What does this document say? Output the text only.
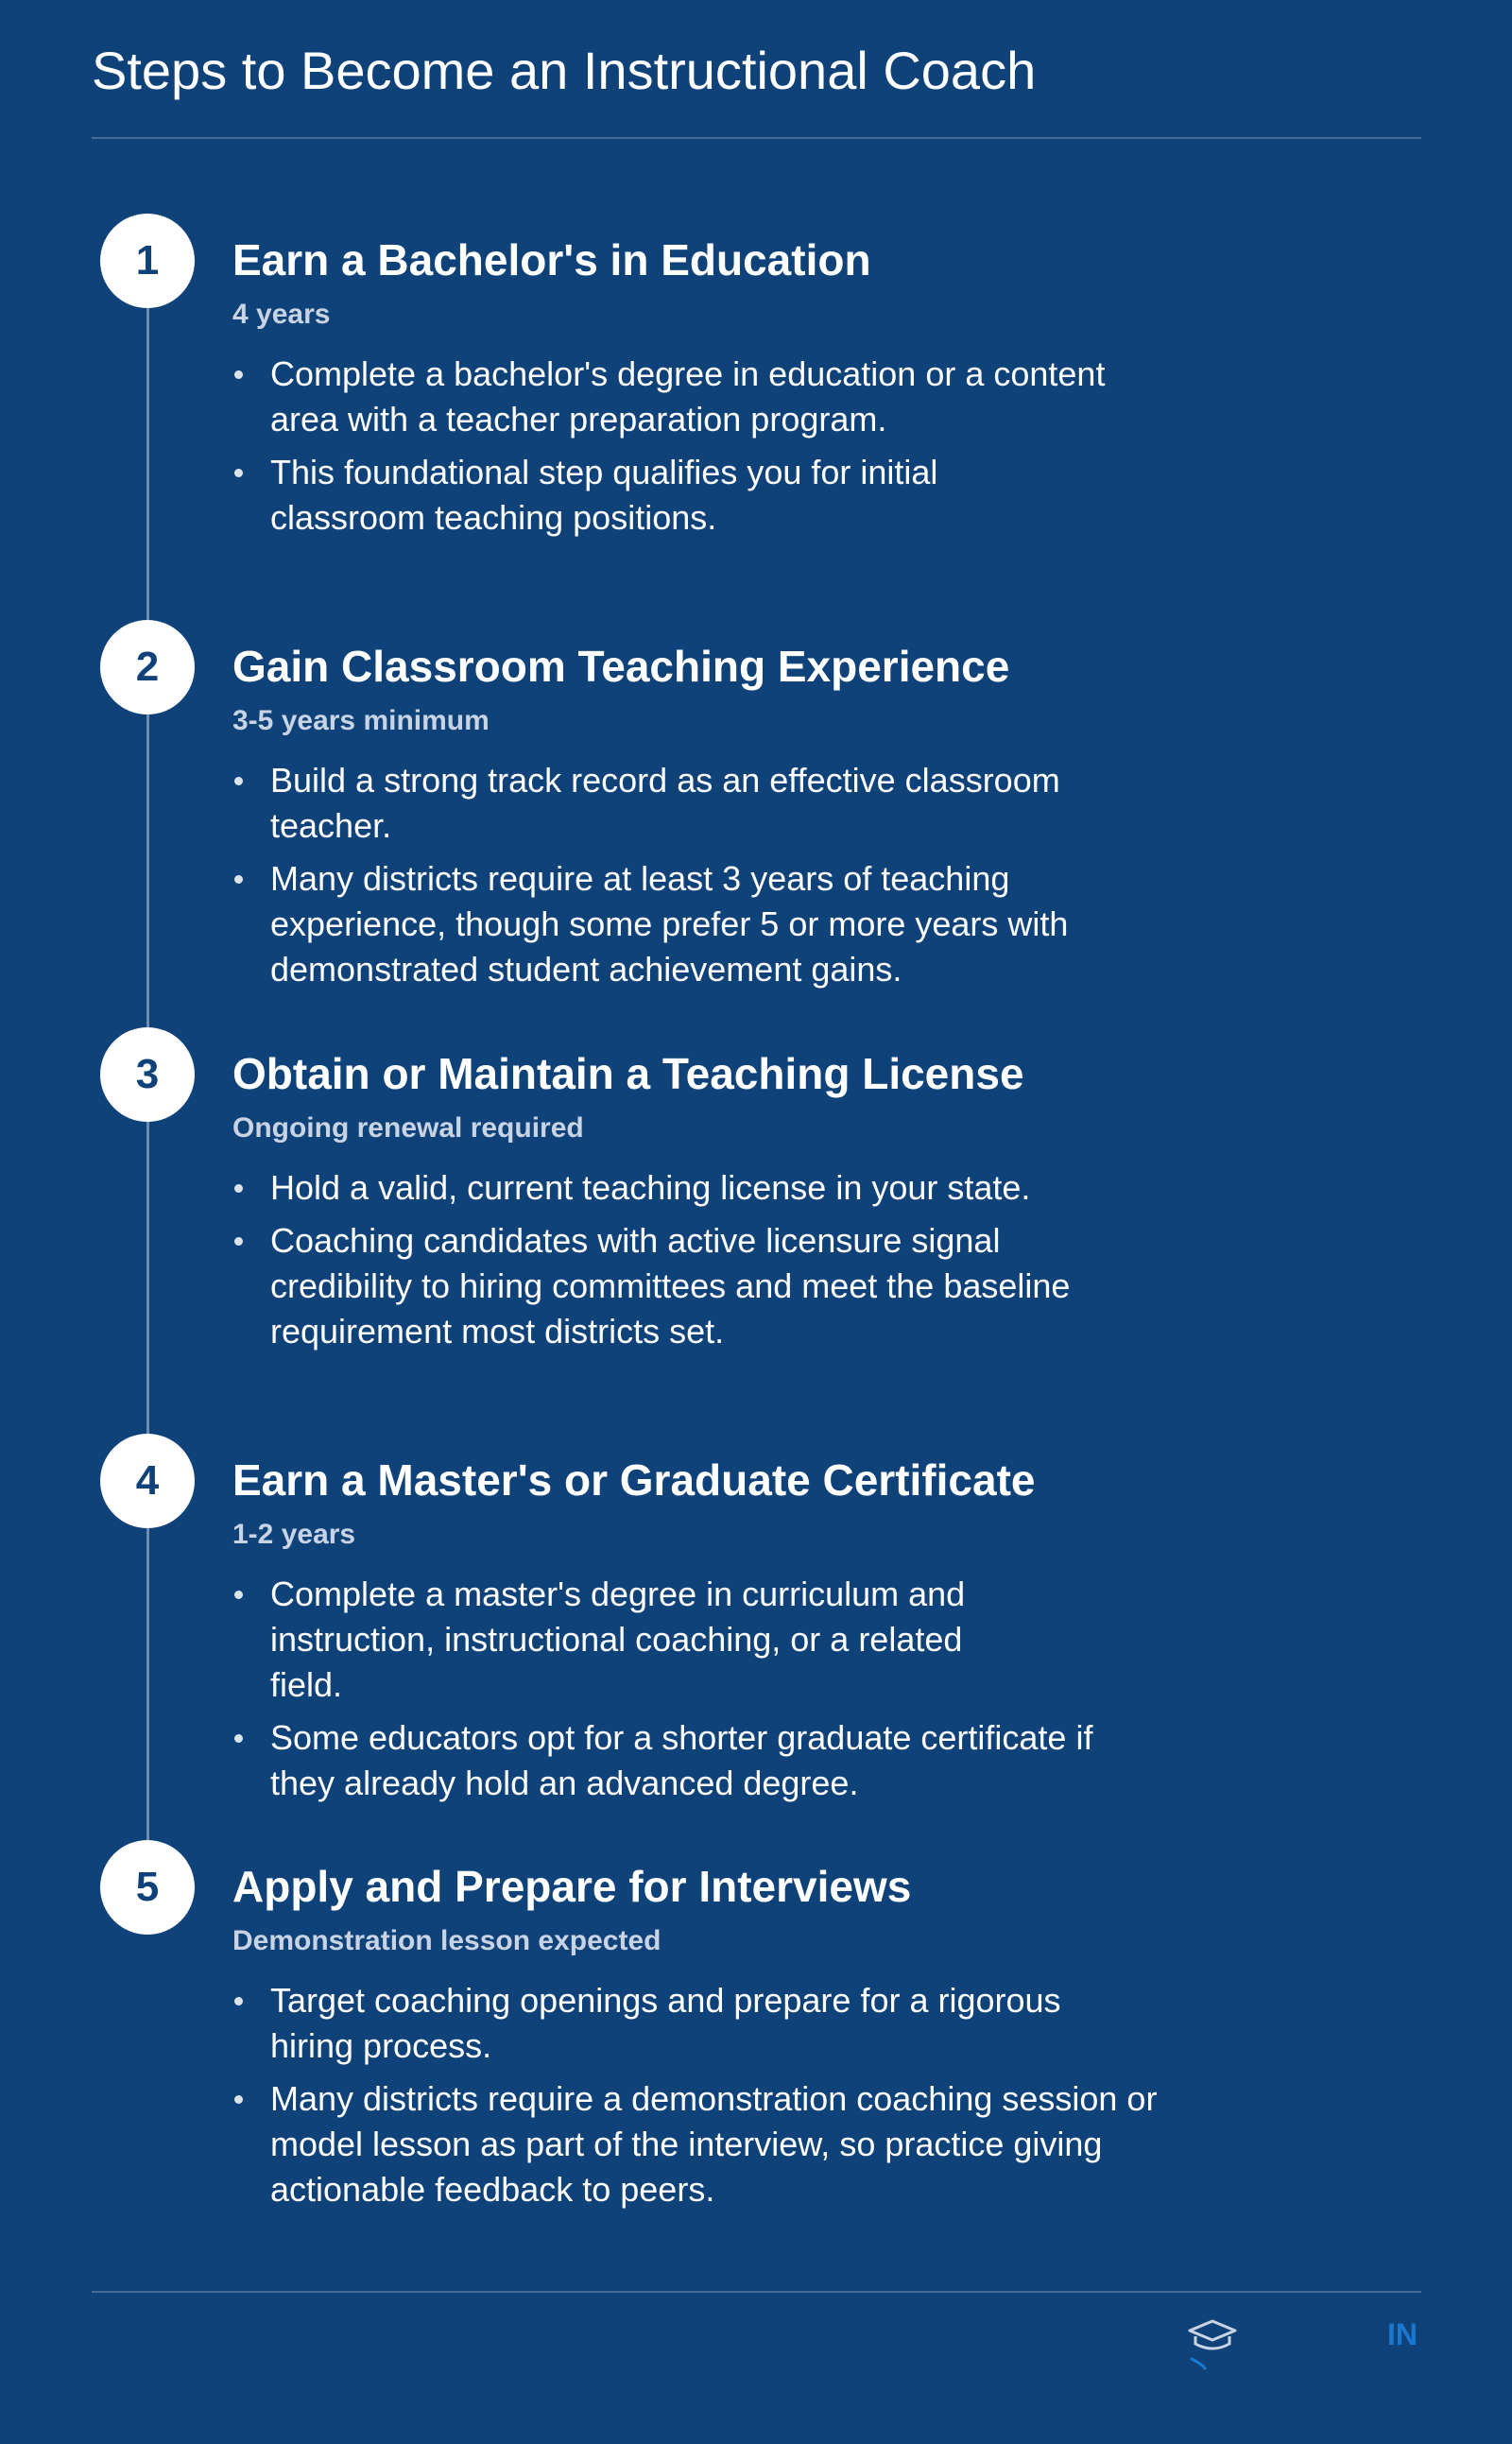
Steps to Become an Instructional Coach
1	Earn a Bachelor's in Education
4 years
Complete a bachelor's degree in education or a content area with a teacher preparation program.
This foundational step qualifies you for initial classroom teaching positions.
2	Gain Classroom Teaching Experience
3-5 years minimum
Build a strong track record as an effective classroom teacher.
Many districts require at least 3 years of teaching experience, though some prefer 5 or more years with demonstrated student achievement gains.
3	Obtain or Maintain a Teaching License
Ongoing renewal required
Hold a valid, current teaching license in your state.
Coaching candidates with active licensure signal credibility to hiring committees and meet the baseline requirement most districts set.
4	Earn a Master's or Graduate Certificate
1-2 years
Complete a master's degree in curriculum and instruction, instructional coaching, or a related field.
Some educators opt for a shorter graduate certificate if they already hold an advanced degree.
5	Apply and Prepare for Interviews
Demonstration lesson expected
Target coaching openings and prepare for a rigorous hiring process.
Many districts require a demonstration coaching session or model lesson as part of the interview, so practice giving actionable feedback to peers.
IN
